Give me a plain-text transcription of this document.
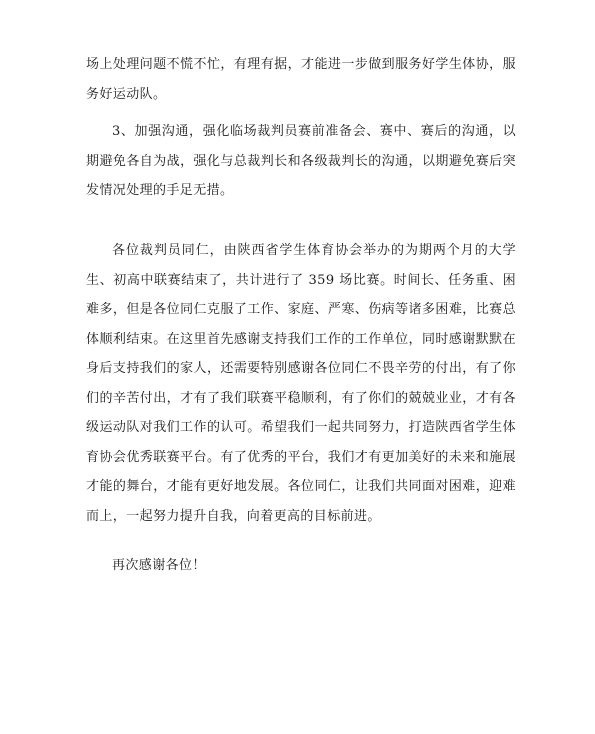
场上处理问题不慌不忙，有理有据，才能进一步做到服务好学生体协，服务好运动队。

3、加强沟通，强化临场裁判员赛前准备会、赛中、赛后的沟通，以期避免各自为战，强化与总裁判长和各级裁判长的沟通，以期避免赛后突发情况处理的手足无措。

各位裁判员同仁，由陕西省学生体育协会举办的为期两个月的大学生、初高中联赛结束了，共计进行了 359 场比赛。时间长、任务重、困难多，但是各位同仁克服了工作、家庭、严寒、伤病等诸多困难，比赛总体顺利结束。在这里首先感谢支持我们工作的工作单位，同时感谢默默在身后支持我们的家人，还需要特别感谢各位同仁不畏辛劳的付出，有了你们的辛苦付出，才有了我们联赛平稳顺利，有了你们的兢兢业业，才有各级运动队对我们工作的认可。希望我们一起共同努力，打造陕西省学生体育协会优秀联赛平台。有了优秀的平台，我们才有更加美好的未来和施展才能的舞台，才能有更好地发展。各位同仁，让我们共同面对困难，迎难而上，一起努力提升自我，向着更高的目标前进。

再次感谢各位！
